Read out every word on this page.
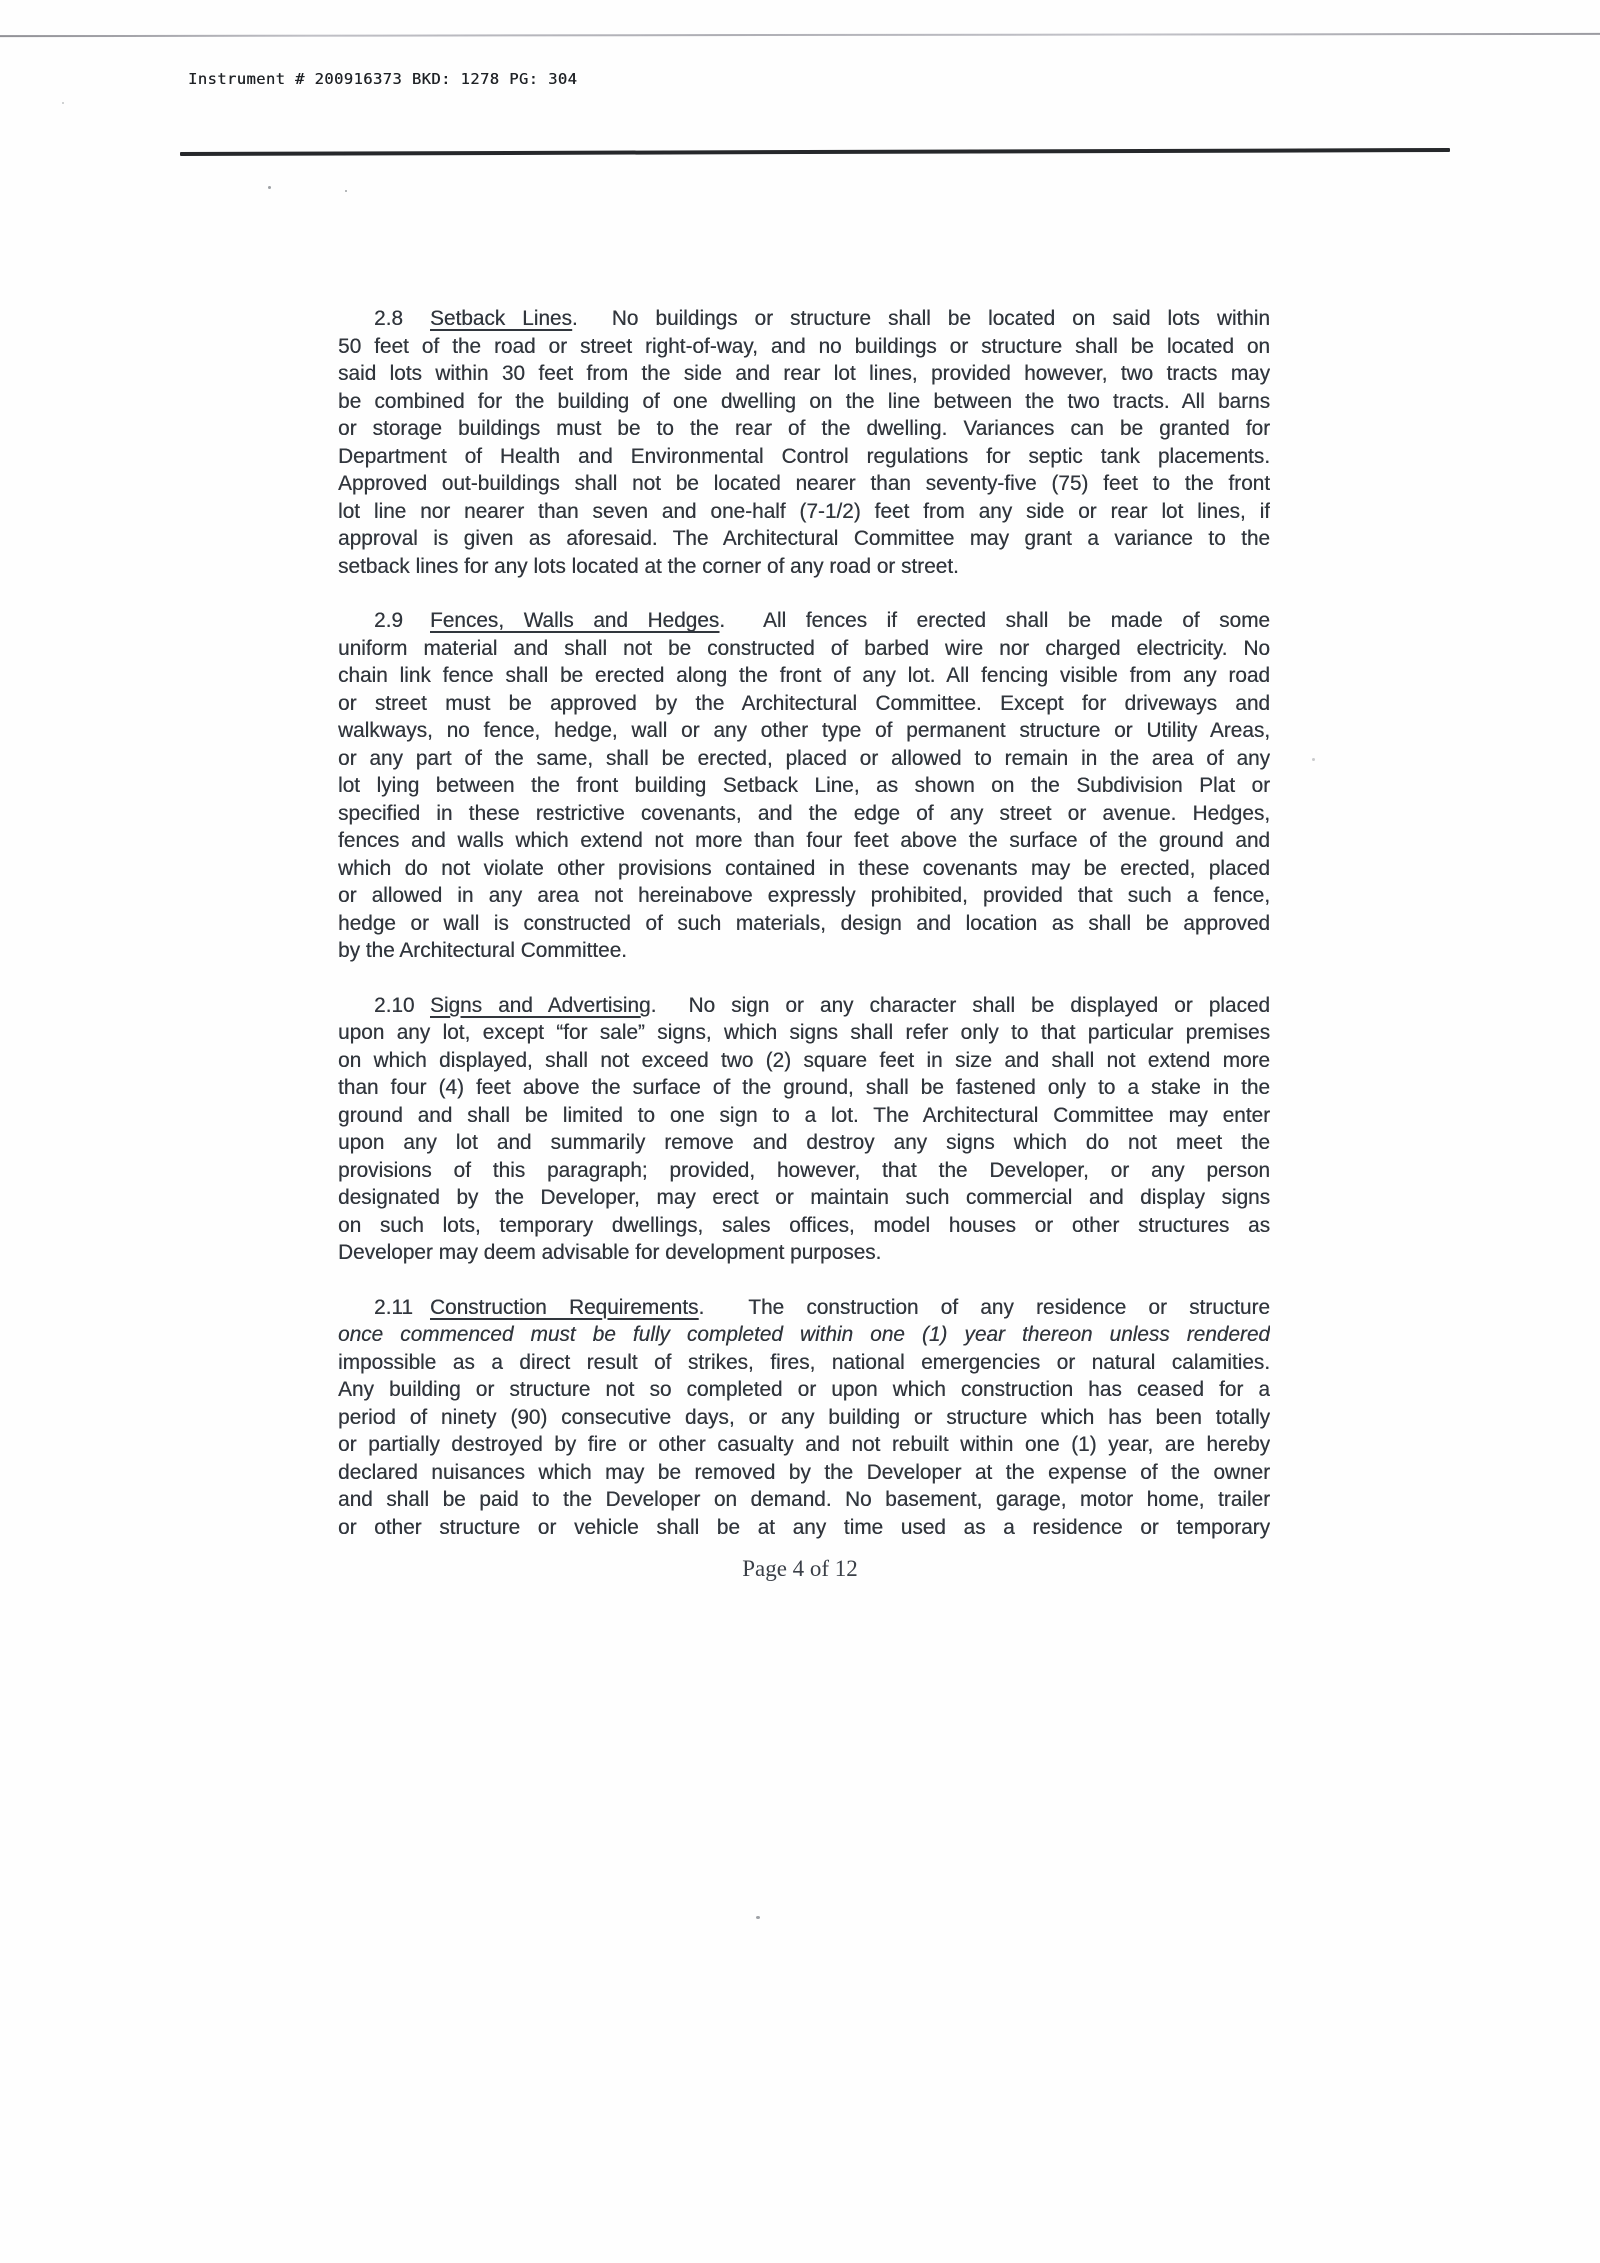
Instrument # 200916373 BKD: 1278 PG: 304
2.8 Setback Lines.  No buildings or structure shall be located on said lots within
50 feet of the road or street right-of-way, and no buildings or structure shall be located on
said lots within 30 feet from the side and rear lot lines, provided however, two tracts may
be combined for the building of one dwelling on the line between the two tracts. All barns
or storage buildings must be to the rear of the dwelling. Variances can be granted for
Department of Health and Environmental Control regulations for septic tank placements.
Approved out-buildings shall not be located nearer than seventy-five (75) feet to the front
lot line nor nearer than seven and one-half (7-1/2) feet from any side or rear lot lines, if
approval is given as aforesaid. The Architectural Committee may grant a variance to the
setback lines for any lots located at the corner of any road or street.
2.9 Fences, Walls and Hedges.  All fences if erected shall be made of some
uniform material and shall not be constructed of barbed wire nor charged electricity. No
chain link fence shall be erected along the front of any lot. All fencing visible from any road
or street must be approved by the Architectural Committee. Except for driveways and
walkways, no fence, hedge, wall or any other type of permanent structure or Utility Areas,
or any part of the same, shall be erected, placed or allowed to remain in the area of any
lot lying between the front building Setback Line, as shown on the Subdivision Plat or
specified in these restrictive covenants, and the edge of any street or avenue. Hedges,
fences and walls which extend not more than four feet above the surface of the ground and
which do not violate other provisions contained in these covenants may be erected, placed
or allowed in any area not hereinabove expressly prohibited, provided that such a fence,
hedge or wall is constructed of such materials, design and location as shall be approved
by the Architectural Committee.
2.10 Signs and Advertising.  No sign or any character shall be displayed or placed
upon any lot, except “for sale” signs, which signs shall refer only to that particular premises
on which displayed, shall not exceed two (2) square feet in size and shall not extend more
than four (4) feet above the surface of the ground, shall be fastened only to a stake in the
ground and shall be limited to one sign to a lot. The Architectural Committee may enter
upon any lot and summarily remove and destroy any signs which do not meet the
provisions of this paragraph; provided, however, that the Developer, or any person
designated by the Developer, may erect or maintain such commercial and display signs
on such lots, temporary dwellings, sales offices, model houses or other structures as
Developer may deem advisable for development purposes.
2.11 Construction Requirements.  The construction of any residence or structure
once commenced must be fully completed within one (1) year thereon unless rendered
impossible as a direct result of strikes, fires, national emergencies or natural calamities.
Any building or structure not so completed or upon which construction has ceased for a
period of ninety (90) consecutive days, or any building or structure which has been totally
or partially destroyed by fire or other casualty and not rebuilt within one (1) year, are hereby
declared nuisances which may be removed by the Developer at the expense of the owner
and shall be paid to the Developer on demand. No basement, garage, motor home, trailer
or other structure or vehicle shall be at any time used as a residence or temporary
Page 4 of 12
